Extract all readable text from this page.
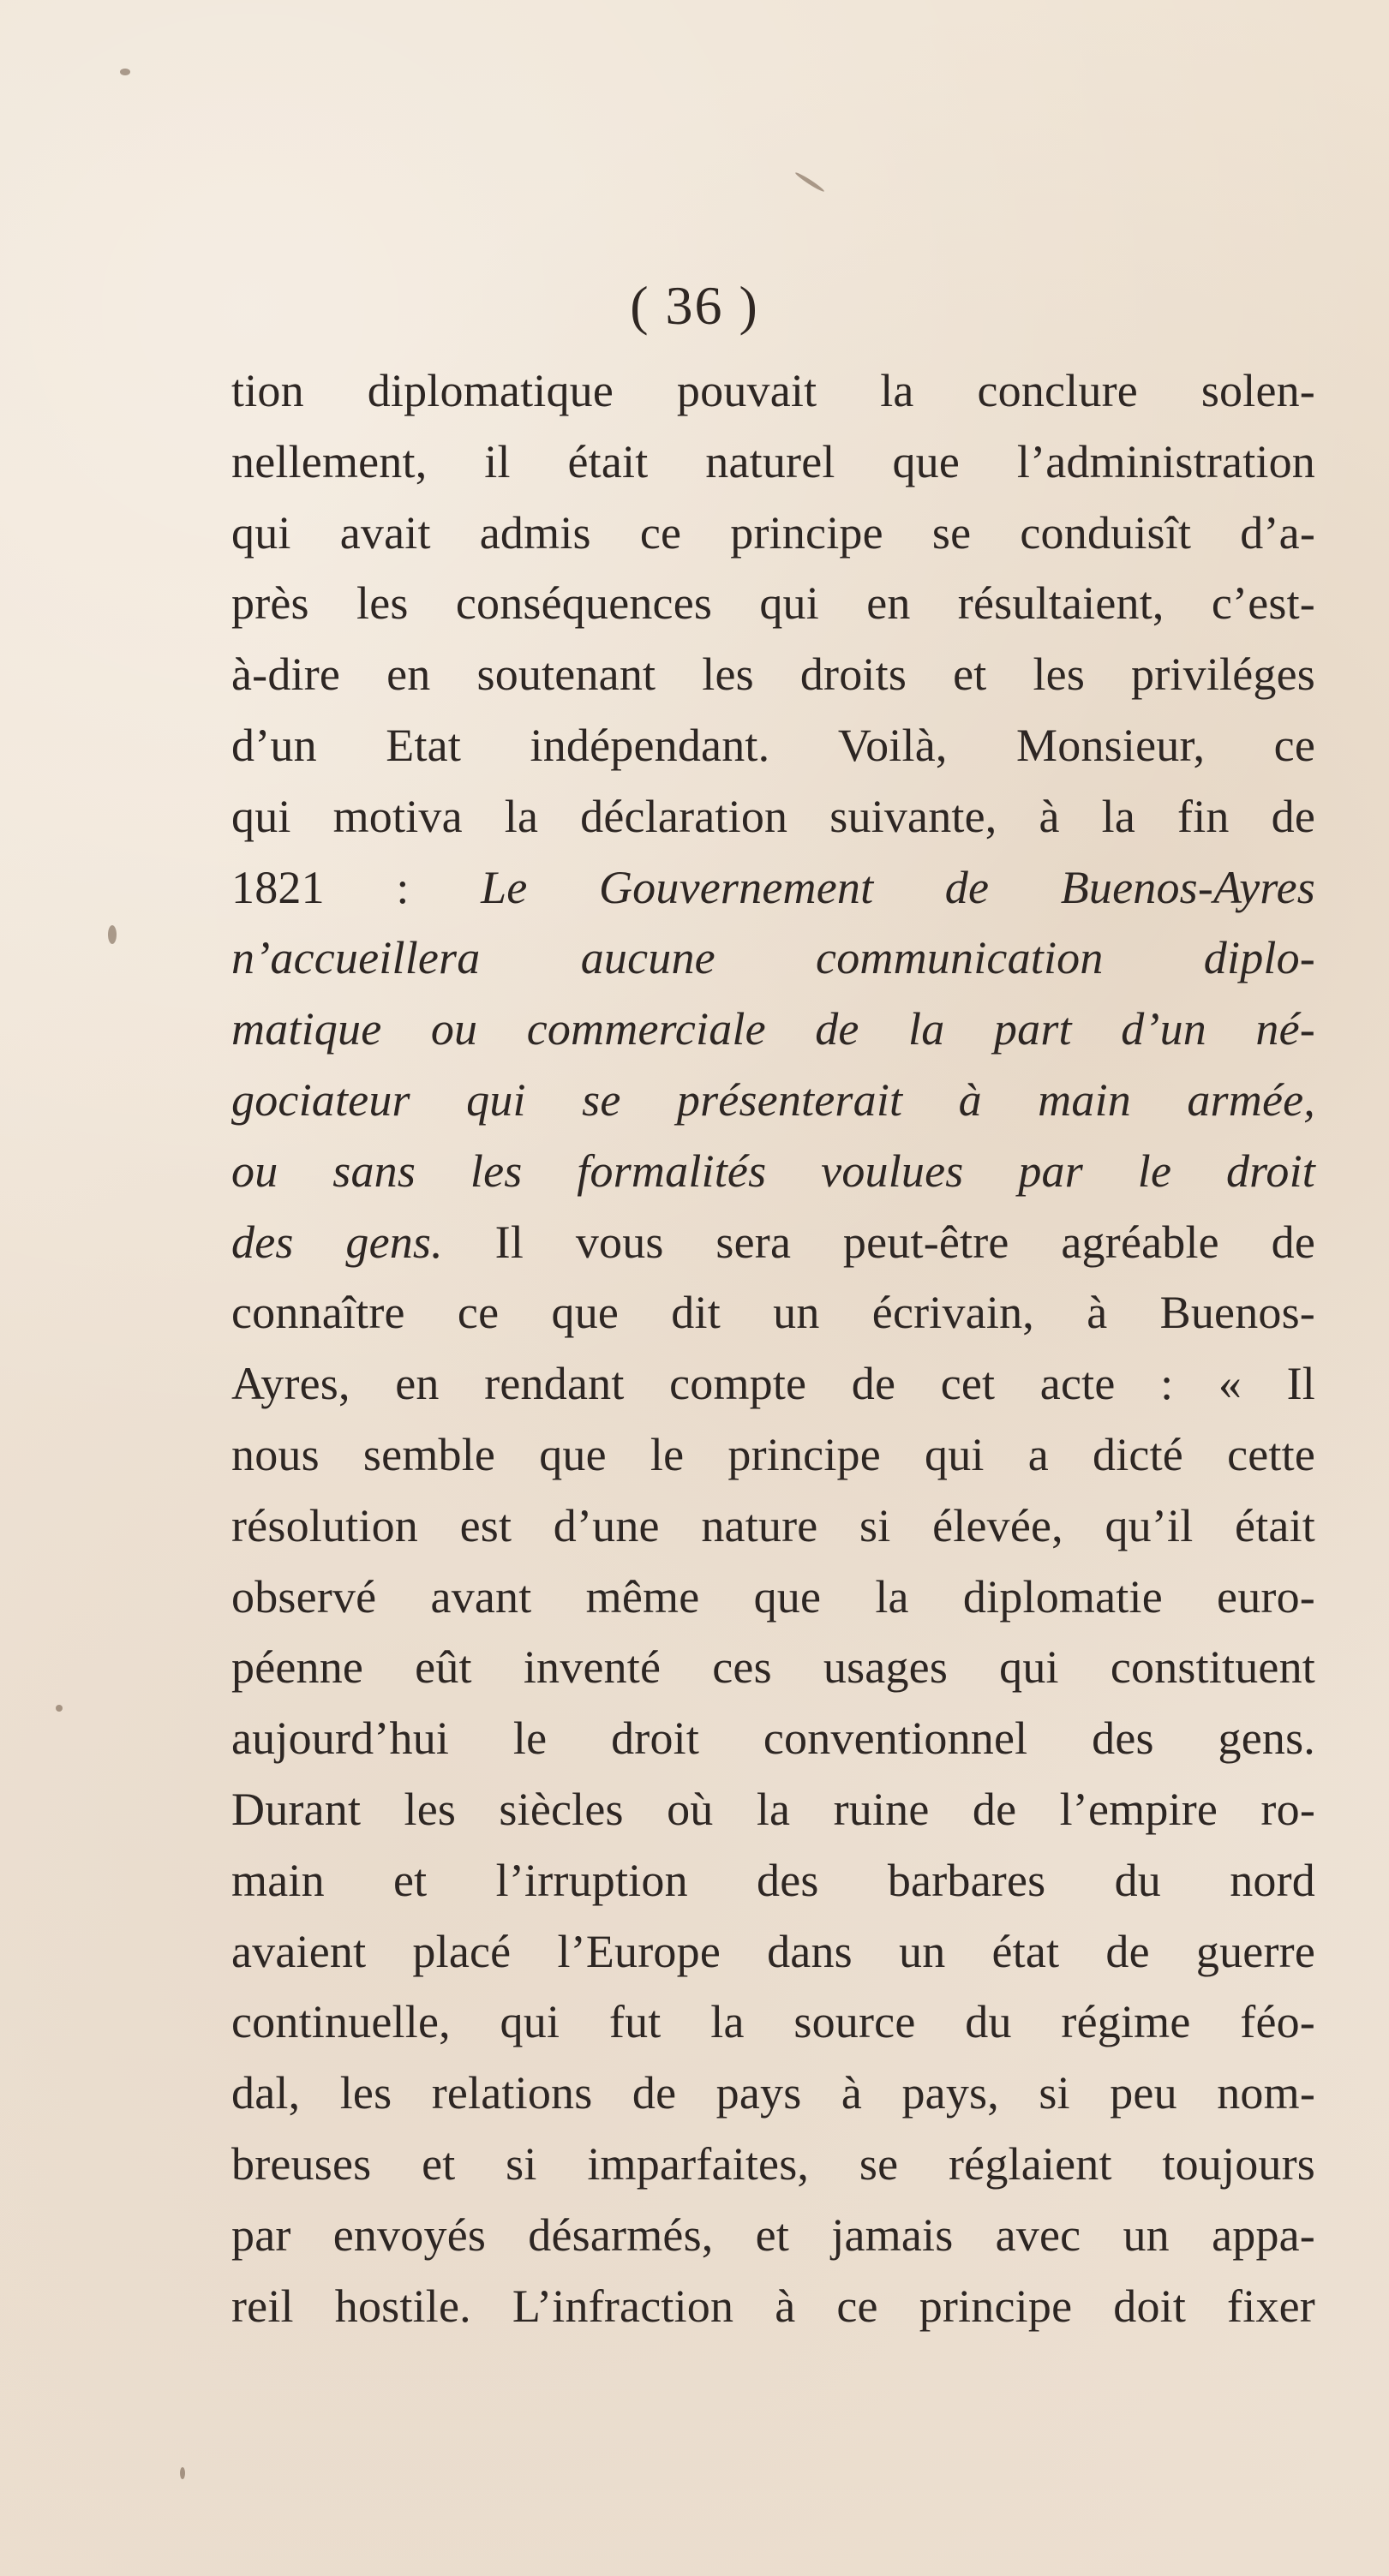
( 36 )
tion diplomatique pouvait la conclure solen-
nellement, il était naturel que l’administration
qui avait admis ce principe se conduisît d’a-
près les conséquences qui en résultaient, c’est-
à-dire en soutenant les droits et les priviléges
d’un Etat indépendant. Voilà, Monsieur, ce
qui motiva la déclaration suivante, à la fin de
1821 : Le Gouvernement de Buenos-Ayres
n’accueillera aucune communication diplo-
matique ou commerciale de la part d’un né-
gociateur qui se présenterait à main armée,
ou sans les formalités voulues par le droit
des gens. Il vous sera peut-être agréable de
connaître ce que dit un écrivain, à Buenos-
Ayres, en rendant compte de cet acte : « Il
nous semble que le principe qui a dicté cette
résolution est d’une nature si élevée, qu’il était
observé avant même que la diplomatie euro-
péenne eût inventé ces usages qui constituent
aujourd’hui le droit conventionnel des gens.
Durant les siècles où la ruine de l’empire ro-
main et l’irruption des barbares du nord
avaient placé l’Europe dans un état de guerre
continuelle, qui fut la source du régime féo-
dal, les relations de pays à pays, si peu nom-
breuses et si imparfaites, se réglaient toujours
par envoyés désarmés, et jamais avec un appa-
reil hostile. L’infraction à ce principe doit fixer
